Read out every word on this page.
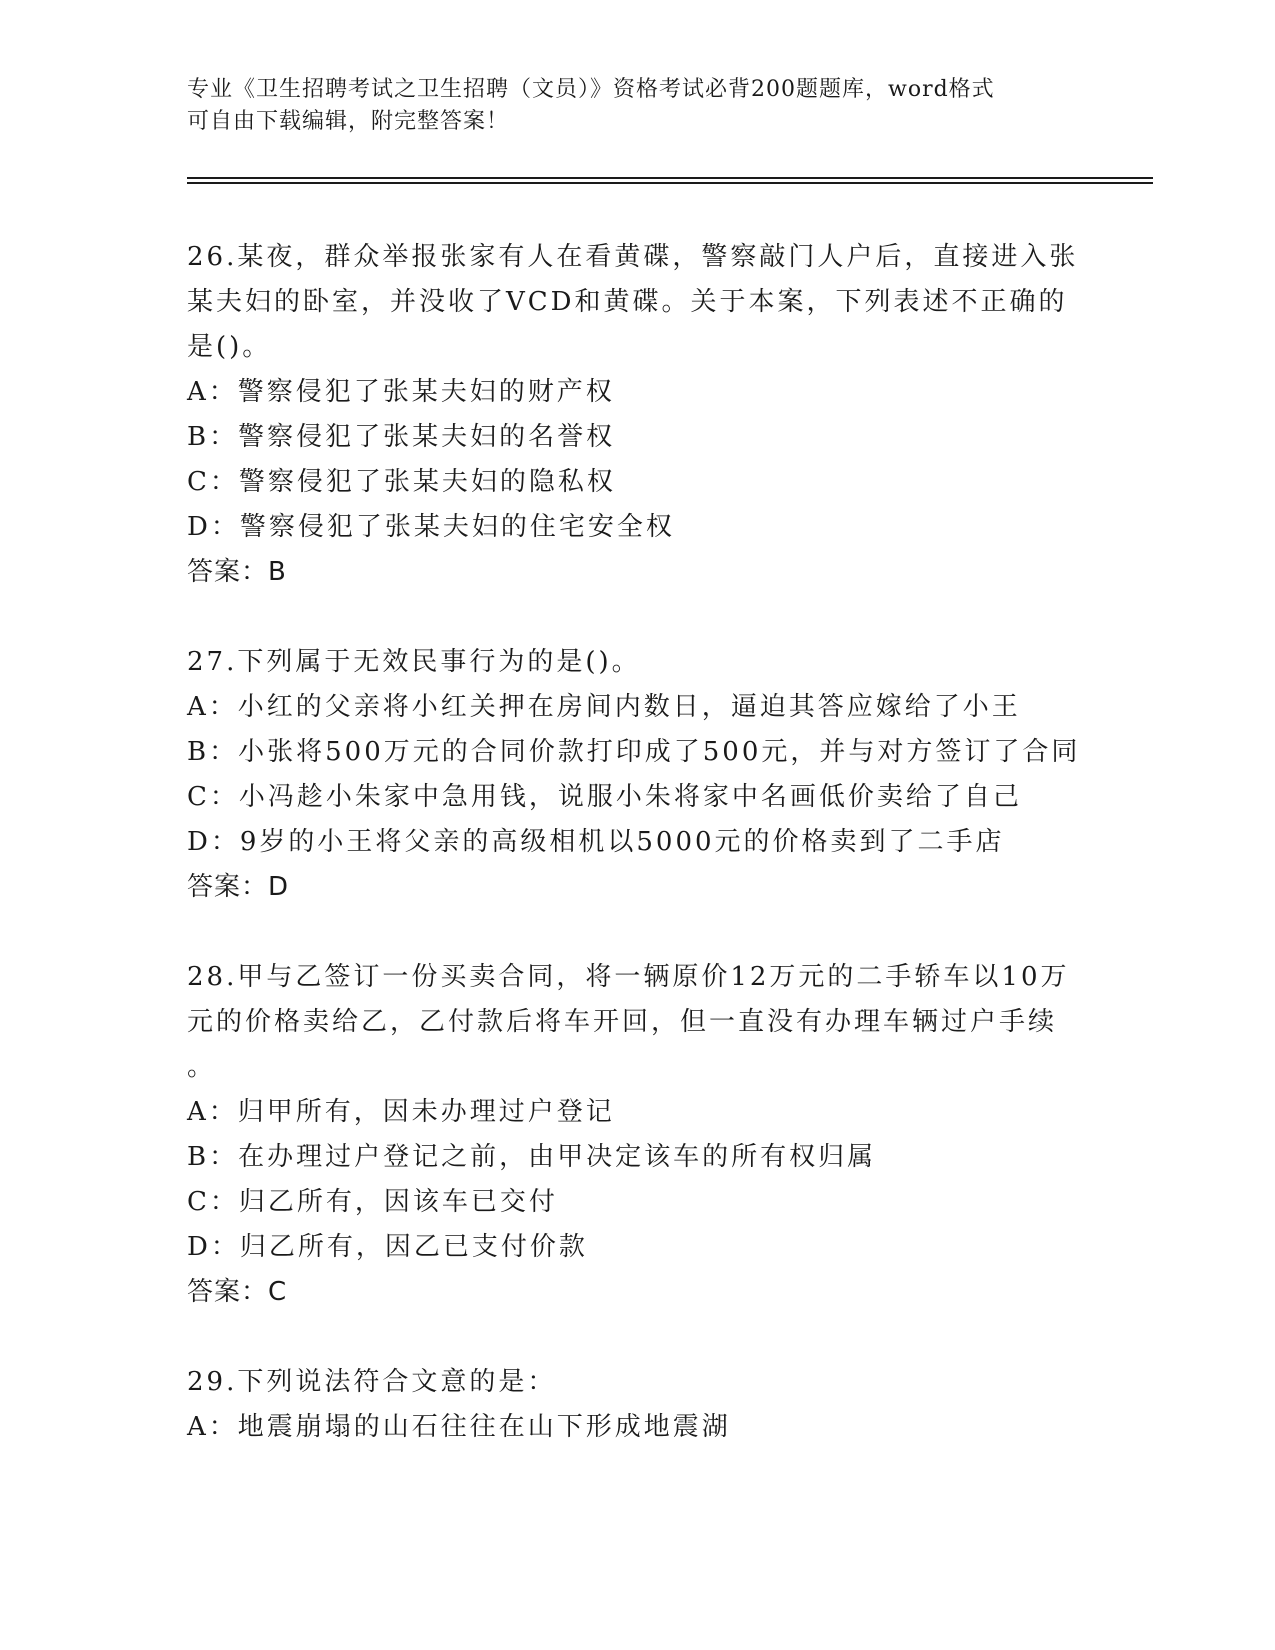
专业《卫生招聘考试之卫生招聘（文员）》资格考试必背200题题库，word格式
可自由下载编辑，附完整答案！
26.某夜，群众举报张家有人在看黄碟，警察敲门人户后，直接进入张
某夫妇的卧室，并没收了VCD和黄碟。关于本案，下列表述不正确的
是()。
A：警察侵犯了张某夫妇的财产权
B：警察侵犯了张某夫妇的名誉权
C：警察侵犯了张某夫妇的隐私权
D：警察侵犯了张某夫妇的住宅安全权
答案：B
27.下列属于无效民事行为的是()。
A：小红的父亲将小红关押在房间内数日，逼迫其答应嫁给了小王
B：小张将500万元的合同价款打印成了500元，并与对方签订了合同
C：小冯趁小朱家中急用钱，说服小朱将家中名画低价卖给了自己
D：9岁的小王将父亲的高级相机以5000元的价格卖到了二手店
答案：D
28.甲与乙签订一份买卖合同，将一辆原价12万元的二手轿车以10万
元的价格卖给乙，乙付款后将车开回，但一直没有办理车辆过户手续
。
A：归甲所有，因未办理过户登记
B：在办理过户登记之前，由甲决定该车的所有权归属
C：归乙所有，因该车已交付
D：归乙所有，因乙已支付价款
答案：C
29.下列说法符合文意的是：
A：地震崩塌的山石往往在山下形成地震湖
